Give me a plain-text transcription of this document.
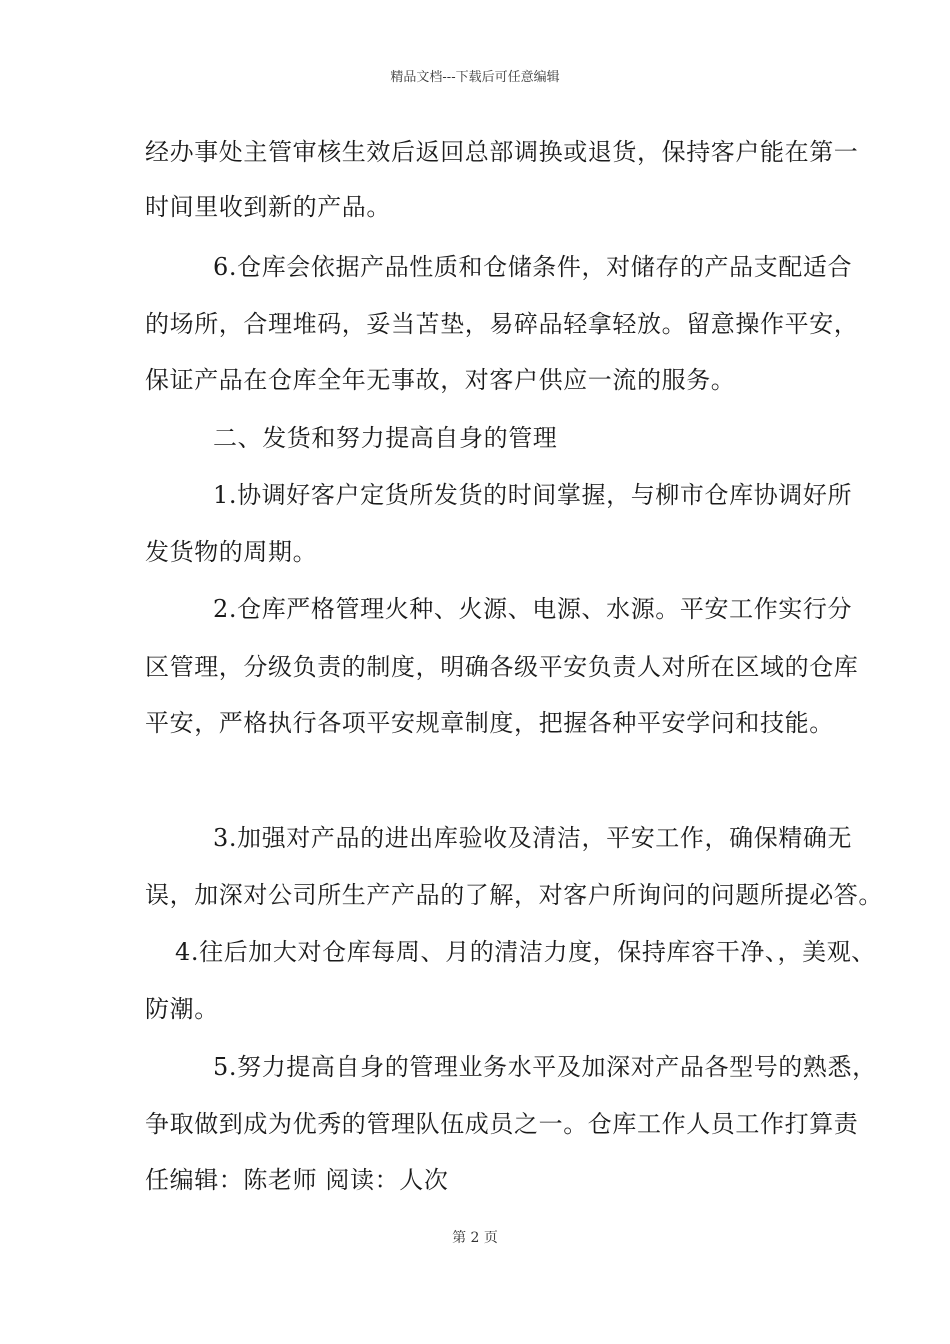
精品文档---下载后可任意编辑
经办事处主管审核生效后返回总部调换或退货，保持客户能在第一
时间里收到新的产品。
6.仓库会依据产品性质和仓储条件，对储存的产品支配适合
的场所，合理堆码，妥当苫垫，易碎品轻拿轻放。留意操作平安，
保证产品在仓库全年无事故，对客户供应一流的服务。
二、发货和努力提高自身的管理
1.协调好客户定货所发货的时间掌握，与柳市仓库协调好所
发货物的周期。
2.仓库严格管理火种、火源、电源、水源。平安工作实行分
区管理，分级负责的制度，明确各级平安负责人对所在区域的仓库
平安，严格执行各项平安规章制度，把握各种平安学问和技能。
3.加强对产品的进出库验收及清洁，平安工作，确保精确无
误，加深对公司所生产产品的了解，对客户所询问的问题所提必答。
4.往后加大对仓库每周、月的清洁力度，保持库容干净、，美观、
防潮。
5.努力提高自身的管理业务水平及加深对产品各型号的熟悉，
争取做到成为优秀的管理队伍成员之一。仓库工作人员工作打算责
任编辑：陈老师 阅读：人次
第 2 页
